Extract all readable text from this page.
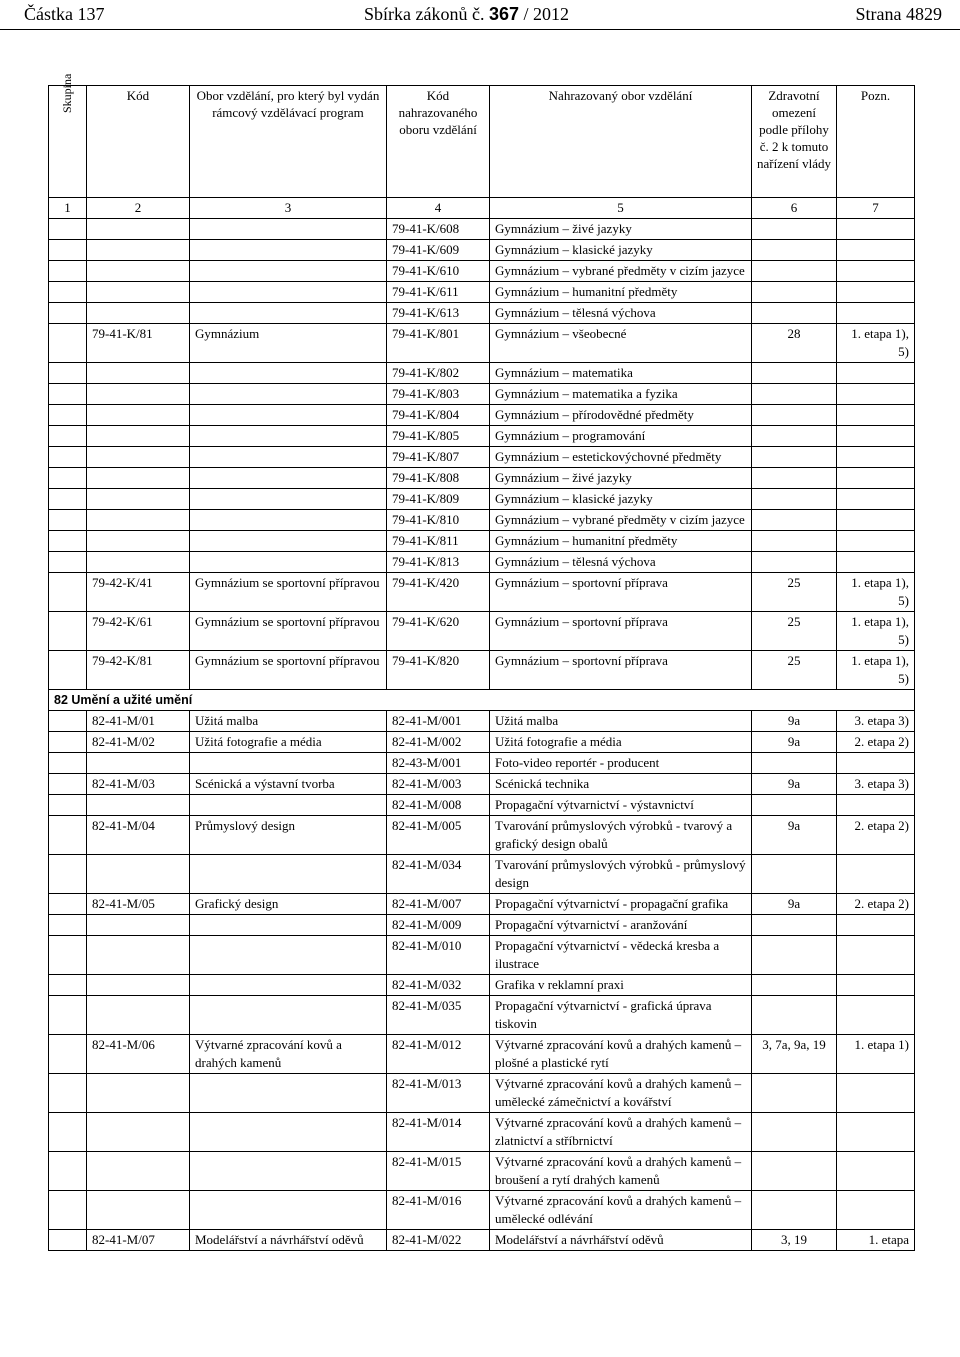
Částka 137	Sbírka zákonů č. 367 / 2012	Strana 4829
Skupina	Kód	Obor vzdělání, pro který byl vydán rámcový vzdělávací program	Kód nahrazovaného oboru vzdělání	Nahrazovaný obor vzdělání	Zdravotní omezení podle přílohy č. 2 k tomuto nařízení vlády	Pozn.
1	2	3	4	5	6	7
			79-41-K/608	Gymnázium – živé jazyky		
			79-41-K/609	Gymnázium – klasické jazyky		
			79-41-K/610	Gymnázium – vybrané předměty v cizím jazyce		
			79-41-K/611	Gymnázium – humanitní předměty		
			79-41-K/613	Gymnázium – tělesná výchova		
	79-41-K/81	Gymnázium	79-41-K/801	Gymnázium – všeobecné	28	1. etapa 1), 5)
			79-41-K/802	Gymnázium – matematika		
			79-41-K/803	Gymnázium – matematika a fyzika		
			79-41-K/804	Gymnázium – přírodovědné předměty		
			79-41-K/805	Gymnázium – programování		
			79-41-K/807	Gymnázium – estetickovýchovné předměty		
			79-41-K/808	Gymnázium – živé jazyky		
			79-41-K/809	Gymnázium – klasické jazyky		
			79-41-K/810	Gymnázium – vybrané předměty v cizím jazyce		
			79-41-K/811	Gymnázium – humanitní předměty		
			79-41-K/813	Gymnázium – tělesná výchova		
	79-42-K/41	Gymnázium se sportovní přípravou	79-41-K/420	Gymnázium – sportovní příprava	25	1. etapa 1), 5)
	79-42-K/61	Gymnázium se sportovní přípravou	79-41-K/620	Gymnázium – sportovní příprava	25	1. etapa 1), 5)
	79-42-K/81	Gymnázium se sportovní přípravou	79-41-K/820	Gymnázium – sportovní příprava	25	1. etapa 1), 5)
82 Umění a užité umění						
	82-41-M/01	Užitá malba	82-41-M/001	Užitá malba	9a	3. etapa 3)
	82-41-M/02	Užitá fotografie a média	82-41-M/002	Užitá fotografie a média	9a	2. etapa 2)
			82-43-M/001	Foto-video reportér - producent		
	82-41-M/03	Scénická a výstavní tvorba	82-41-M/003	Scénická technika	9a	3. etapa 3)
			82-41-M/008	Propagační výtvarnictví - výstavnictví		
	82-41-M/04	Průmyslový design	82-41-M/005	Tvarování průmyslových výrobků - tvarový a grafický design obalů	9a	2. etapa 2)
			82-41-M/034	Tvarování průmyslových výrobků - průmyslový design		
	82-41-M/05	Grafický design	82-41-M/007	Propagační výtvarnictví - propagační grafika	9a	2. etapa 2)
			82-41-M/009	Propagační výtvarnictví - aranžování		
			82-41-M/010	Propagační výtvarnictví - vědecká kresba a ilustrace		
			82-41-M/032	Grafika v reklamní praxi		
			82-41-M/035	Propagační výtvarnictví - grafická úprava tiskovin		
	82-41-M/06	Výtvarné zpracování kovů a drahých kamenů	82-41-M/012	Výtvarné zpracování kovů a drahých kamenů – plošné a plastické rytí	3, 7a, 9a, 19	1. etapa 1)
			82-41-M/013	Výtvarné zpracování kovů a drahých kamenů – umělecké zámečnictví a kovářství		
			82-41-M/014	Výtvarné zpracování kovů a drahých kamenů – zlatnictví a stříbrnictví		
			82-41-M/015	Výtvarné zpracování kovů a drahých kamenů – broušení a rytí drahých kamenů		
			82-41-M/016	Výtvarné zpracování kovů a drahých kamenů – umělecké odlévání		
	82-41-M/07	Modelářství a návrhářství oděvů	82-41-M/022	Modelářství a návrhářství oděvů	3, 19	1. etapa
